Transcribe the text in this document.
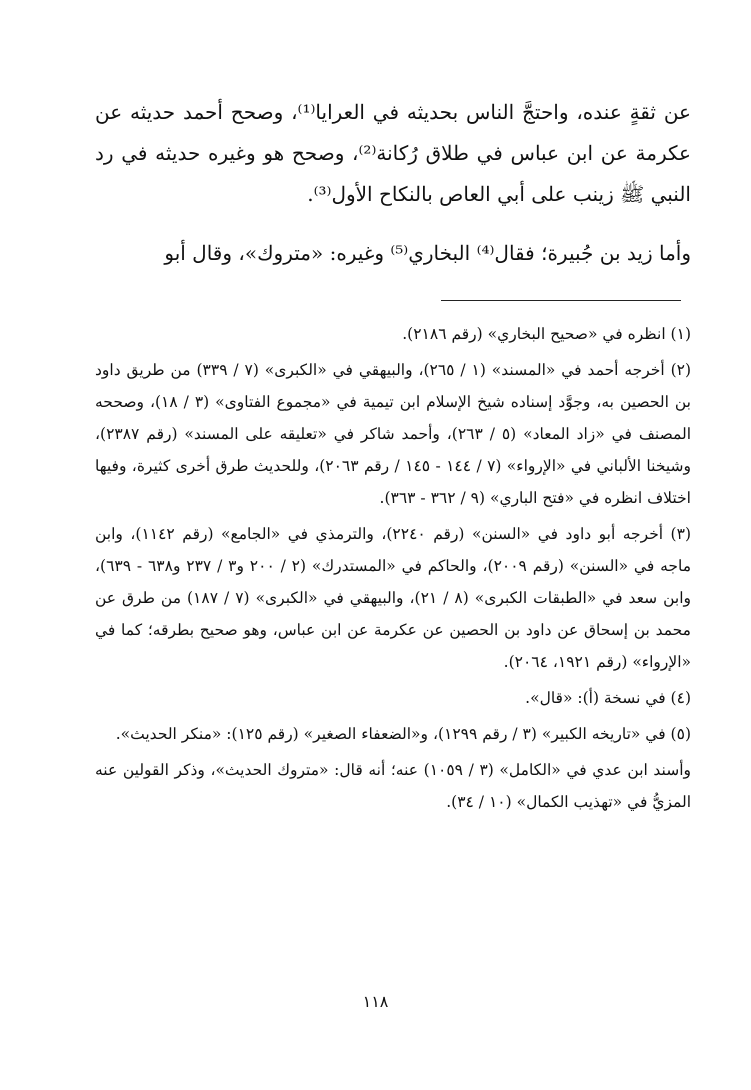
عن ثقةٍ عنده، واحتجَّ الناس بحديثه في العرايا⁽¹⁾، وصحح أحمد حديثه عن عكرمة عن ابن عباس في طلاق رُكانة⁽²⁾، وصحح هو وغيره حديثه في رد النبي ﷺ زينب على أبي العاص بالنكاح الأول⁽³⁾.

وأما زيد بن جُبيرة؛ فقال⁽⁴⁾ البخاري⁽⁵⁾ وغيره: «متروك»، وقال أبو

(١) انظره في «صحيح البخاري» (رقم ٢١٨٦).

(٢) أخرجه أحمد في «المسند» (١ / ٢٦٥)، والبيهقي في «الكبرى» (٧ / ٣٣٩) من طريق داود بن الحصين به، وجوَّد إسناده شيخ الإسلام ابن تيمية في «مجموع الفتاوى» (٣ / ١٨)، وصححه المصنف في «زاد المعاد» (٥ / ٢٦٣)، وأحمد شاكر في «تعليقه على المسند» (رقم ٢٣٨٧)، وشيخنا الألباني في «الإرواء» (٧ / ١٤٤ - ١٤٥ / رقم ٢٠٦٣)، وللحديث طرق أخرى كثيرة، وفيها اختلاف انظره في «فتح الباري» (٩ / ٣٦٢ - ٣٦٣).

(٣) أخرجه أبو داود في «السنن» (رقم ٢٢٤٠)، والترمذي في «الجامع» (رقم ١١٤٢)، وابن ماجه في «السنن» (رقم ٢٠٠٩)، والحاكم في «المستدرك» (٢ / ٢٠٠ و٣ / ٢٣٧ و٦٣٨ - ٦٣٩)، وابن سعد في «الطبقات الكبرى» (٨ / ٢١)، والبيهقي في «الكبرى» (٧ / ١٨٧) من طرق عن محمد بن إسحاق عن داود بن الحصين عن عكرمة عن ابن عباس، وهو صحيح بطرقه؛ كما في «الإرواء» (رقم ١٩٢١، ٢٠٦٤).

(٤) في نسخة (أ): «قال».

(٥) في «تاريخه الكبير» (٣ / رقم ١٢٩٩)، و«الضعفاء الصغير» (رقم ١٢٥): «منكر الحديث».

وأسند ابن عدي في «الكامل» (٣ / ١٠٥٩) عنه؛ أنه قال: «متروك الحديث»، وذكر القولين عنه المزيُّ في «تهذيب الكمال» (١٠ / ٣٤).

١١٨
